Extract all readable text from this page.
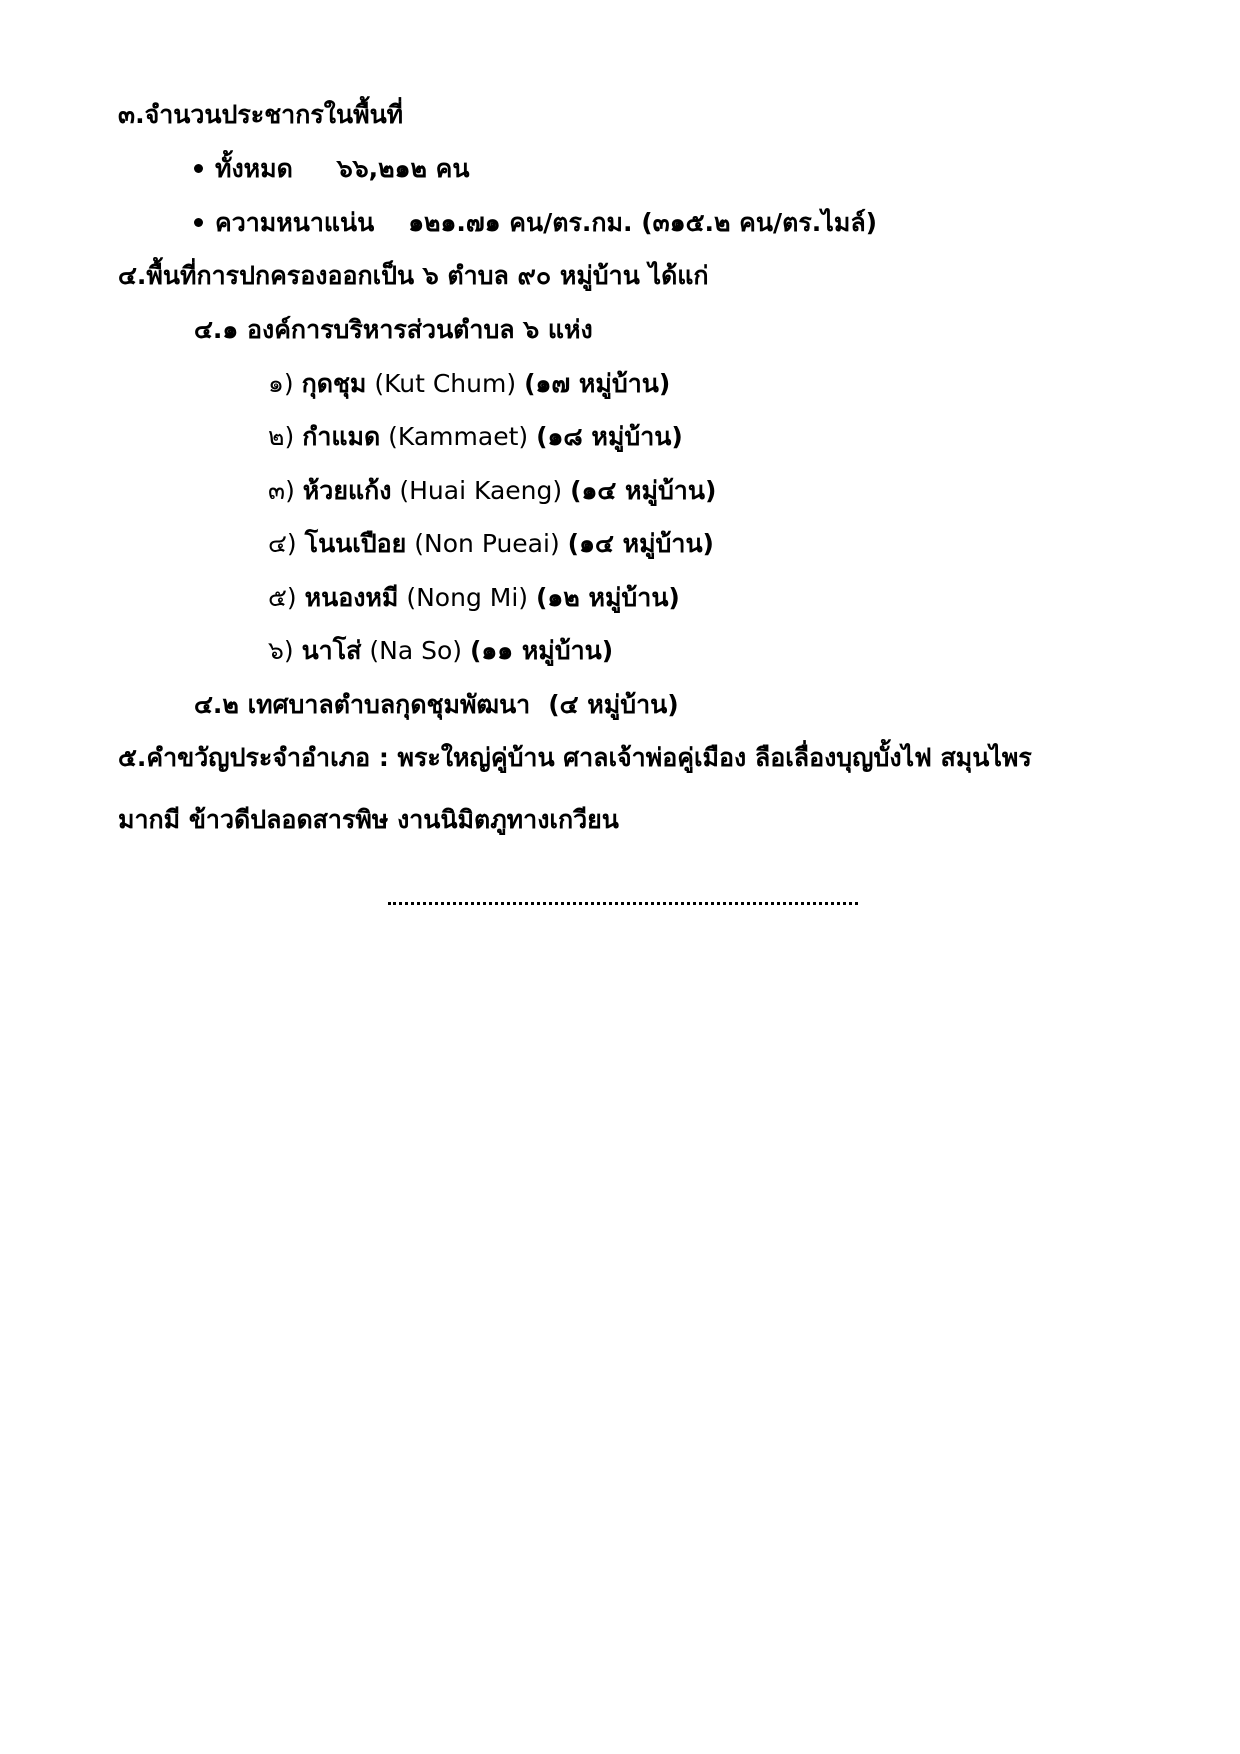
๓.จำนวนประชากรในพื้นที่
ทั้งหมด ๖๖,๒๑๒ คน
ความหนาแน่น ๑๒๑.๗๑ คน/ตร.กม. (๓๑๕.๒ คน/ตร.ไมล์)
๔.พื้นที่การปกครองออกเป็น ๖ ตำบล ๙๐ หมู่บ้าน ได้แก่
๔.๑ องค์การบริหารส่วนตำบล ๖ แห่ง
๑) กุดชุม (Kut Chum) (๑๗ หมู่บ้าน)
๒) กำแมด (Kammaet) (๑๘ หมู่บ้าน)
๓) ห้วยแก้ง (Huai Kaeng) (๑๔ หมู่บ้าน)
๔) โนนเปือย (Non Pueai) (๑๔ หมู่บ้าน)
๕) หนองหมี (Nong Mi) (๑๒ หมู่บ้าน)
๖) นาโส่ (Na So) (๑๑ หมู่บ้าน)
๔.๒ เทศบาลตำบลกุดชุมพัฒนา (๔ หมู่บ้าน)
๕.คำขวัญประจำอำเภอ : พระใหญ่คู่บ้าน ศาลเจ้าพ่อคู่เมือง ลือเลื่องบุญบั้งไฟ สมุนไพร
มากมี ข้าวดีปลอดสารพิษ งานนิมิตภูทางเกวียน
